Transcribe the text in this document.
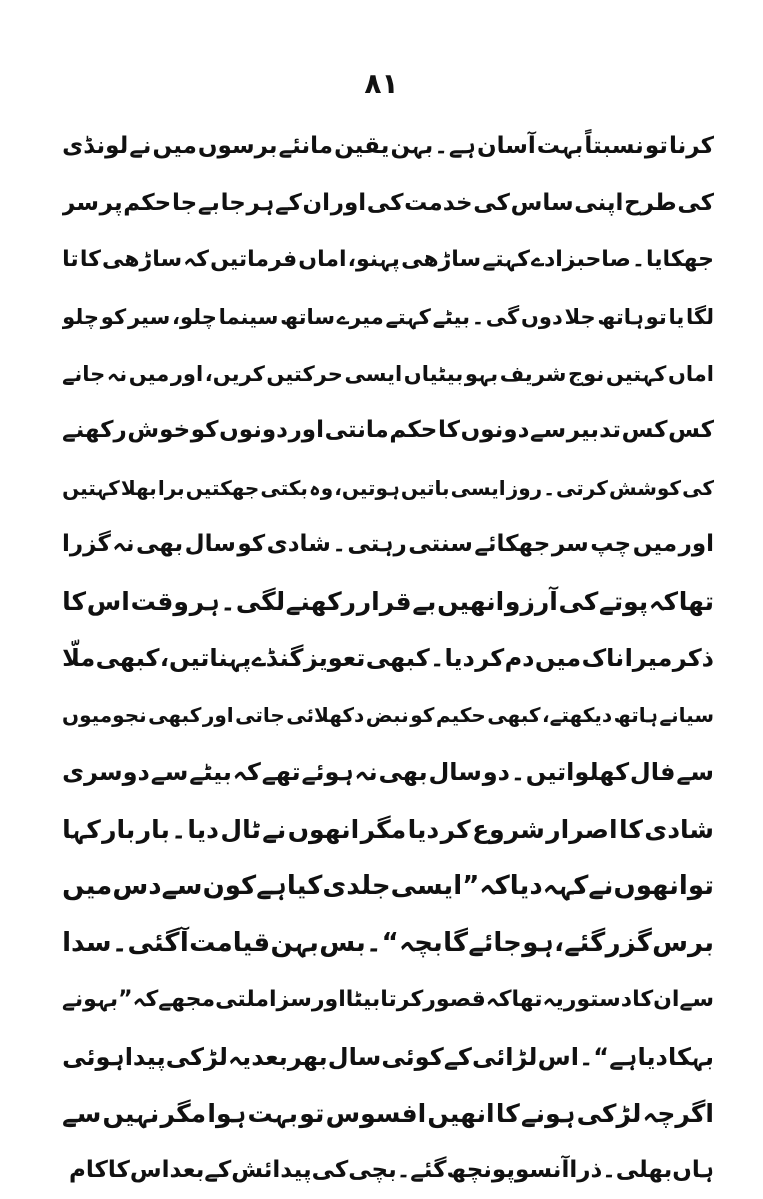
۸۱
کرنا
تو
نسبتاً
بہت
آسان
ہے
۔
بہن
یقین
مانئے
برسوں
میں
نے
لونڈی
کی
طرح
اپنی
ساس
کی
خدمت
کی
اور
ان
کے
ہر
جا
بے
جا
حکم
پر
سر
جھکایا
۔
صاحبزادے
کہتے
ساڑھی
پہنو،
اماں
فرماتیں
کہ
ساڑھی
کا
تا
لگا
یا
تو
ہاتھ
جلا
دوں
گی
۔
بیٹے
کہتے
میرے
ساتھ
سینما
چلو،
سیر
کو
چلو
اماں
کہتیں
نوج
شریف
بہو
بیٹیاں
ایسی
حرکتیں
کریں،
اور
میں
نہ
جانے
کس
کس
تدبیر
سے
دونوں
کا
حکم
مانتی
اور
دونوں
کو
خوش
رکھنے
کی
کوشش
کرتی
۔
روز
ایسی
باتیں
ہوتیں،
وہ
بکتی
جھکتیں
برا
بھلا
کہتیں
اور
میں
چپ
سر
جھکائے
سنتی
رہتی
۔
شادی
کو
سال
بھی
نہ
گزرا
تھا
کہ
پوتے
کی
آرزو
انھیں
بے
قرار
رکھنے
لگی
۔
ہر
وقت
اس
کا
ذکر
میرا
ناک
میں
دم
کر
دیا
۔
کبھی
تعویز
گنڈے
پہناتیں،
کبھی
ملّا
سیانے
ہاتھ
دیکھتے،
کبھی
حکیم
کو
نبض
دکھلائی
جاتی
اور
کبھی
نجومیوں
سے
فال
کھلواتیں
۔
دو
سال
بھی
نہ
ہوئے
تھے
کہ
بیٹے
سے
دوسری
شادی
کا
اصرار
شروع
کر
دیا
مگر
انھوں
نے
ٹال
دیا
۔
بار
بار
کہا
تو
انھوں
نے
کہہ
دیا
کہ
”
ایسی
جلدی
کیا
ہے
کون
سے
دس
میں
برس
گزر
گئے
،
ہو
جائے
گا
بچہ
“
۔
بس
بہن
قیامت
آ
گئی
۔
سدا
سے
ان
کا
دستور
یہ
تھا
کہ
قصور
کرتا
بیٹا
اور
سزا
ملتی
مجھے
کہ
”
بہو
نے
بہکا
دیا
ہے
“
۔
اس
لڑائی
کے
کوئی
سال
بھر
بعد
یہ
لڑکی
پیدا
ہوئی
اگرچہ
لڑکی
ہونے
کا
انھیں
افسوس
تو
بہت
ہوا
مگر
نہیں
سے
ہاں
بھلی
۔
ذرا
آنسو
پونچھ
گئے
۔
بچی
کی
پیدائش
کے
بعد
اس
کا
کام
